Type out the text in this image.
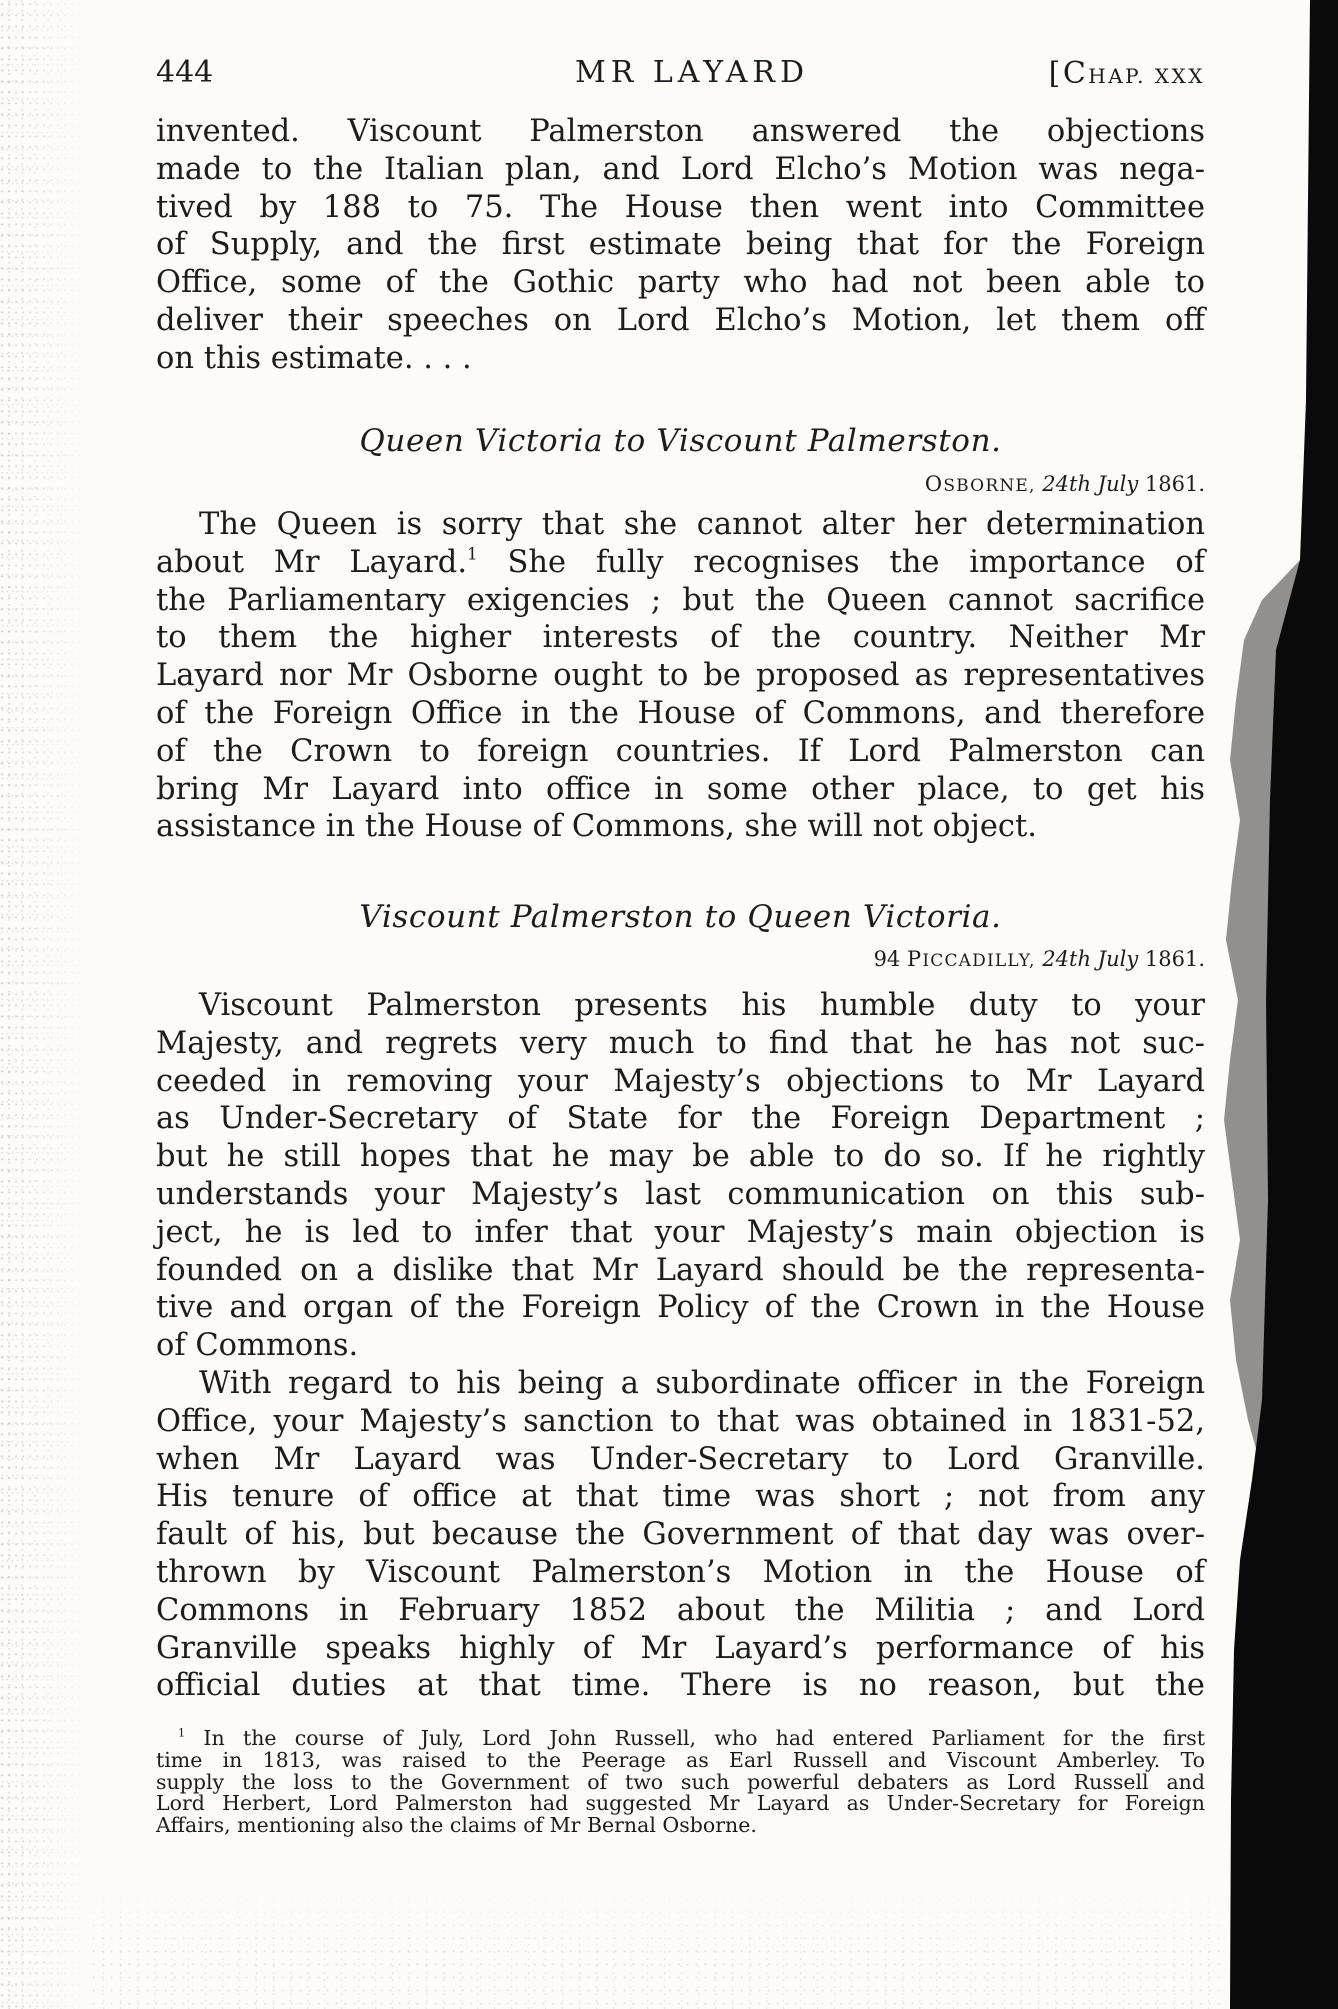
444	MR LAYARD	[CHAP. XXX
invented. Viscount Palmerston answered the objections
made to the Italian plan, and Lord Elcho’s Motion was nega-
tived by 188 to 75. The House then went into Committee
of Supply, and the first estimate being that for the Foreign
Office, some of the Gothic party who had not been able to
deliver their speeches on Lord Elcho’s Motion, let them off
on this estimate. . . .
Queen Victoria to Viscount Palmerston.
OSBORNE, 24th July 1861.
The Queen is sorry that she cannot alter her determination
about Mr Layard.$^1$ She fully recognises the importance of
the Parliamentary exigencies ; but the Queen cannot sacrifice
to them the higher interests of the country. Neither Mr
Layard nor Mr Osborne ought to be proposed as representatives
of the Foreign Office in the House of Commons, and therefore
of the Crown to foreign countries. If Lord Palmerston can
bring Mr Layard into office in some other place, to get his
assistance in the House of Commons, she will not object.
Viscount Palmerston to Queen Victoria.
94 PICCADILLY, 24th July 1861.
Viscount Palmerston presents his humble duty to your
Majesty, and regrets very much to find that he has not suc-
ceeded in removing your Majesty’s objections to Mr Layard
as Under-Secretary of State for the Foreign Department ;
but he still hopes that he may be able to do so. If he rightly
understands your Majesty’s last communication on this sub-
ject, he is led to infer that your Majesty’s main objection is
founded on a dislike that Mr Layard should be the representa-
tive and organ of the Foreign Policy of the Crown in the House
of Commons.
With regard to his being a subordinate officer in the Foreign
Office, your Majesty’s sanction to that was obtained in 1831-52,
when Mr Layard was Under-Secretary to Lord Granville.
His tenure of office at that time was short ; not from any
fault of his, but because the Government of that day was over-
thrown by Viscount Palmerston’s Motion in the House of
Commons in February 1852 about the Militia ; and Lord
Granville speaks highly of Mr Layard’s performance of his
official duties at that time. There is no reason, but the
$^1$ In the course of July, Lord John Russell, who had entered Parliament for the first
time in 1813, was raised to the Peerage as Earl Russell and Viscount Amberley. To
supply the loss to the Government of two such powerful debaters as Lord Russell and
Lord Herbert, Lord Palmerston had suggested Mr Layard as Under-Secretary for Foreign
Affairs, mentioning also the claims of Mr Bernal Osborne.
